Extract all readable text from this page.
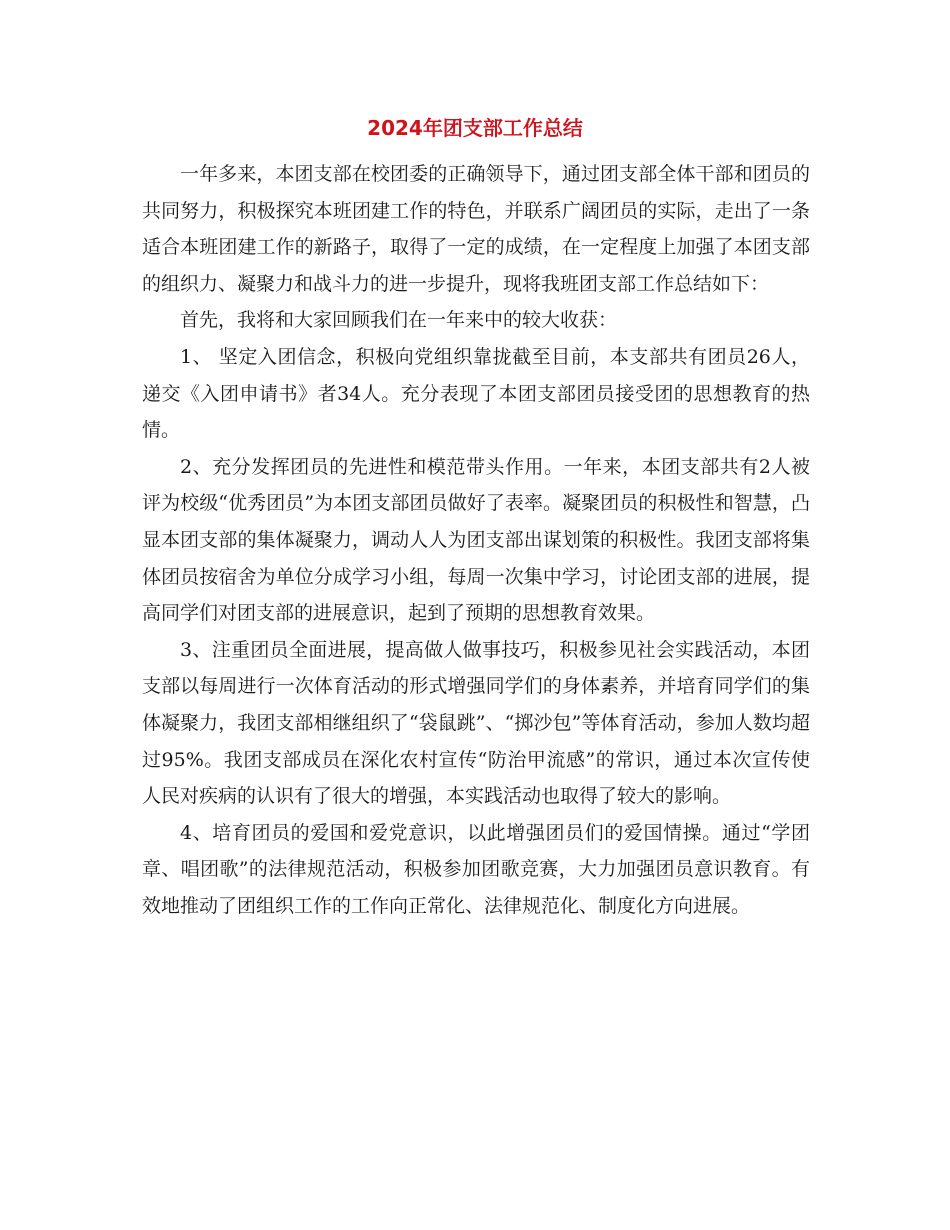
2024年团支部工作总结

一年多来，本团支部在校团委的正确领导下，通过团支部全体干部和团员的共同努力，积极探究本班团建工作的特色，并联系广阔团员的实际，走出了一条适合本班团建工作的新路子，取得了一定的成绩，在一定程度上加强了本团支部的组织力、凝聚力和战斗力的进一步提升，现将我班团支部工作总结如下：

首先，我将和大家回顾我们在一年来中的较大收获：

1、 坚定入团信念，积极向党组织靠拢截至目前，本支部共有团员26人，递交《入团申请书》者34人。充分表现了本团支部团员接受团的思想教育的热情。

2、充分发挥团员的先进性和模范带头作用。一年来，本团支部共有2人被评为校级“优秀团员”为本团支部团员做好了表率。凝聚团员的积极性和智慧，凸显本团支部的集体凝聚力，调动人人为团支部出谋划策的积极性。我团支部将集体团员按宿舍为单位分成学习小组，每周一次集中学习，讨论团支部的进展，提高同学们对团支部的进展意识，起到了预期的思想教育效果。

3、注重团员全面进展，提高做人做事技巧，积极参见社会实践活动，本团支部以每周进行一次体育活动的形式增强同学们的身体素养，并培育同学们的集体凝聚力，我团支部相继组织了“袋鼠跳”、“掷沙包”等体育活动，参加人数均超过95%。我团支部成员在深化农村宣传“防治甲流感”的常识，通过本次宣传使人民对疾病的认识有了很大的增强，本实践活动也取得了较大的影响。

4、培育团员的爱国和爱党意识，以此增强团员们的爱国情操。通过“学团章、唱团歌”的法律规范活动，积极参加团歌竞赛，大力加强团员意识教育。有效地推动了团组织工作的工作向正常化、法律规范化、制度化方向进展。
